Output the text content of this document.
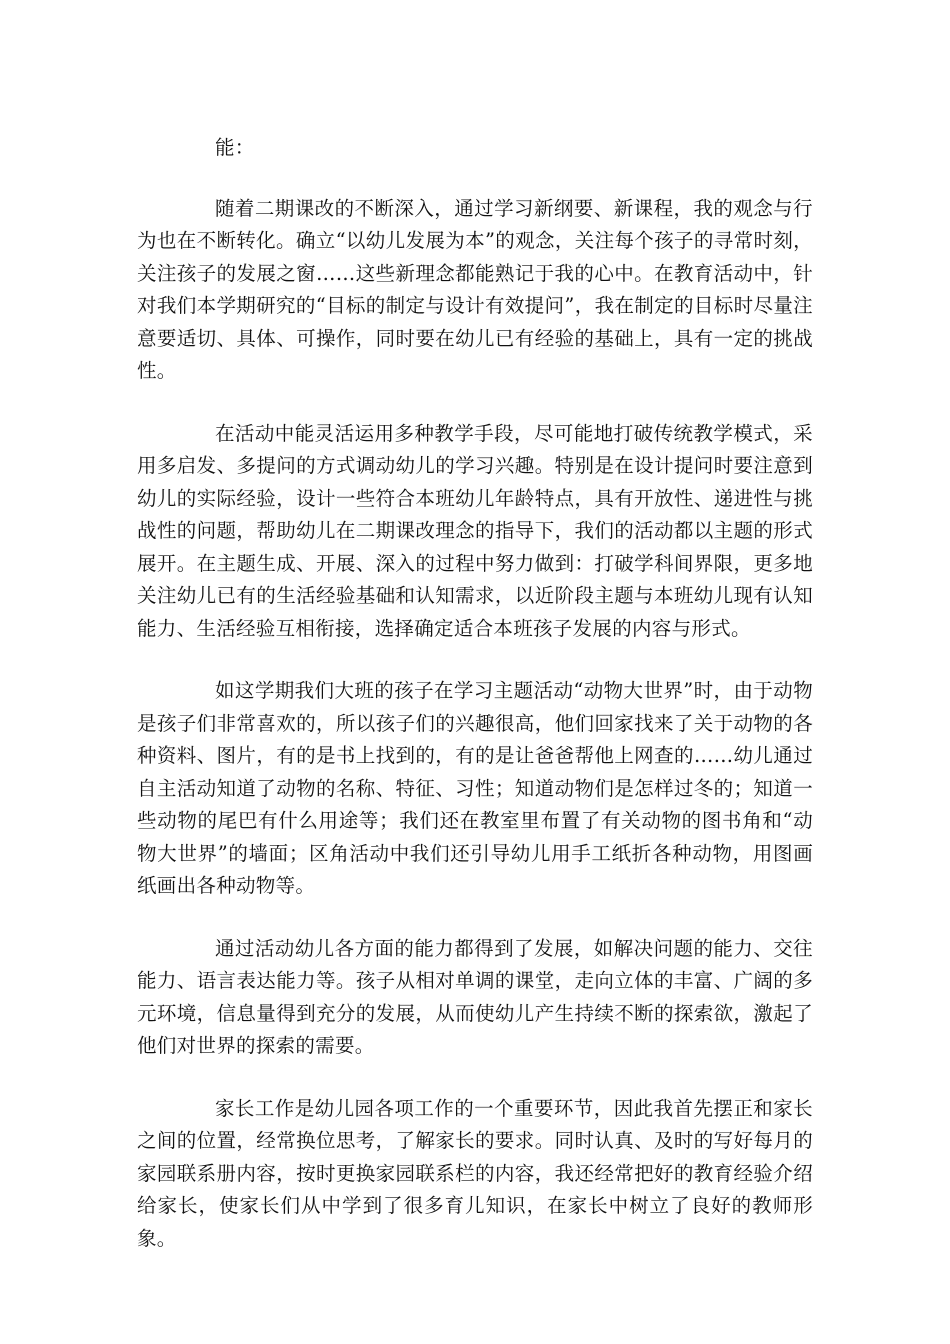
能：

随着二期课改的不断深入，通过学习新纲要、新课程，我的观念与行为也在不断转化。确立“以幼儿发展为本”的观念，关注每个孩子的寻常时刻，关注孩子的发展之窗……这些新理念都能熟记于我的心中。在教育活动中，针对我们本学期研究的“目标的制定与设计有效提问”，我在制定的目标时尽量注意要适切、具体、可操作，同时要在幼儿已有经验的基础上，具有一定的挑战性。

在活动中能灵活运用多种教学手段，尽可能地打破传统教学模式，采用多启发、多提问的方式调动幼儿的学习兴趣。特别是在设计提问时要注意到幼儿的实际经验，设计一些符合本班幼儿年龄特点，具有开放性、递进性与挑战性的问题，帮助幼儿在二期课改理念的指导下，我们的活动都以主题的形式展开。在主题生成、开展、深入的过程中努力做到：打破学科间界限，更多地关注幼儿已有的生活经验基础和认知需求，以近阶段主题与本班幼儿现有认知能力、生活经验互相衔接，选择确定适合本班孩子发展的内容与形式。

如这学期我们大班的孩子在学习主题活动“动物大世界”时，由于动物是孩子们非常喜欢的，所以孩子们的兴趣很高，他们回家找来了关于动物的各种资料、图片，有的是书上找到的，有的是让爸爸帮他上网查的……幼儿通过自主活动知道了动物的名称、特征、习性；知道动物们是怎样过冬的；知道一些动物的尾巴有什么用途等；我们还在教室里布置了有关动物的图书角和“动物大世界”的墙面；区角活动中我们还引导幼儿用手工纸折各种动物，用图画纸画出各种动物等。

通过活动幼儿各方面的能力都得到了发展，如解决问题的能力、交往能力、语言表达能力等。孩子从相对单调的课堂，走向立体的丰富、广阔的多元环境，信息量得到充分的发展，从而使幼儿产生持续不断的探索欲，激起了他们对世界的探索的需要。

家长工作是幼儿园各项工作的一个重要环节，因此我首先摆正和家长之间的位置，经常换位思考，了解家长的要求。同时认真、及时的写好每月的家园联系册内容，按时更换家园联系栏的内容，我还经常把好的教育经验介绍给家长，使家长们从中学到了很多育儿知识，在家长中树立了良好的教师形象。
